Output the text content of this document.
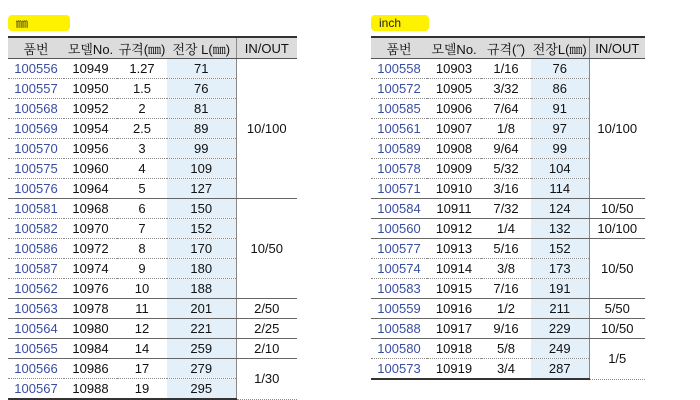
㎜
품번	모델No.	규격(㎜)	전장 L(㎜)	IN/OUT
100556	10949	1.27	71	10/100
100557	10950	1.5	76	
100568	10952	2	81	
100569	10954	2.5	89	
100570	10956	3	99	
100575	10960	4	109	
100576	10964	5	127	
100581	10968	6	150	10/50
100582	10970	7	152	
100586	10972	8	170	
100587	10974	9	180	
100562	10976	10	188	
100563	10978	11	201	2/50
100564	10980	12	221	2/25
100565	10984	14	259	2/10
100566	10986	17	279	1/30
100567	10988	19	295	
inch
품번	모델No.	규격(˝)	전장L(㎜)	IN/OUT
100558	10903	1/16	76	10/100
100572	10905	3/32	86	
100585	10906	7/64	91	
100561	10907	1/8	97	
100589	10908	9/64	99	
100578	10909	5/32	104	
100571	10910	3/16	114	
100584	10911	7/32	124	10/50
100560	10912	1/4	132	10/100
100577	10913	5/16	152	10/50
100574	10914	3/8	173	
100583	10915	7/16	191	
100559	10916	1/2	211	5/50
100588	10917	9/16	229	10/50
100580	10918	5/8	249	1/5
100573	10919	3/4	287	
